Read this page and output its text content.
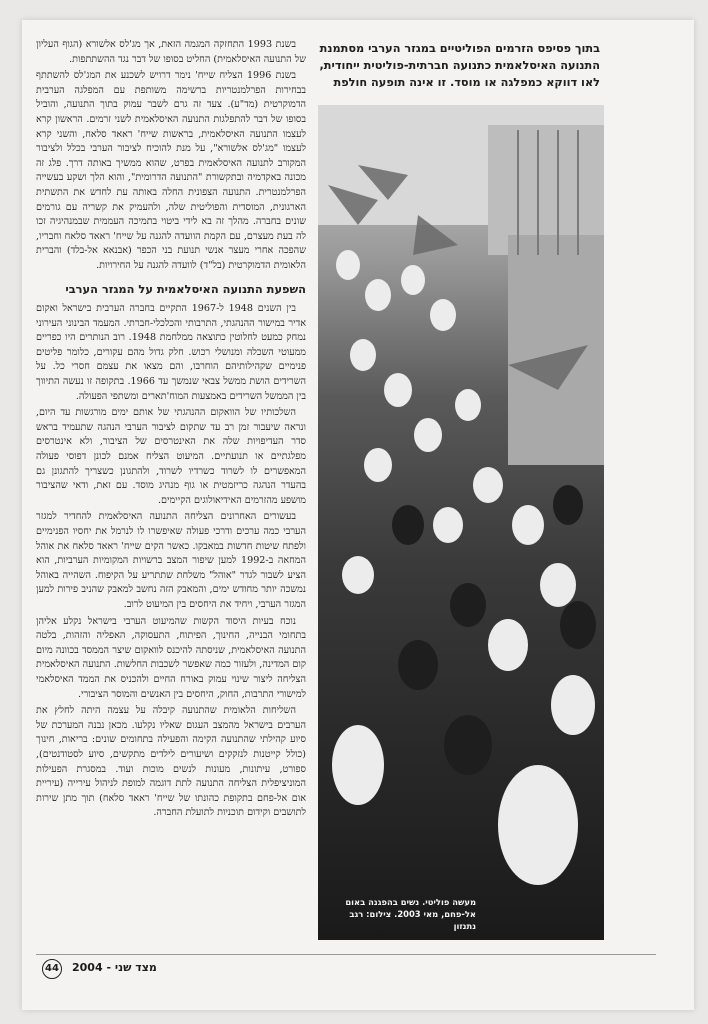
בתוך פסיפס הזרמים הפוליטיים במגזר הערבי מסתמנת התנועה האיסלאמית כתנועה חברתית-פוליטית ייחודית, לאו דווקא כמפלגה או מוסד. זו אינה תופעה חולפת

בשנת 1993 התחזקה המגמה הזאת, אך מג'לס אלשורא (הגוף העליון של התנועה האיסלאמית) החליט בסופו של דבר נגד ההשתתפות.

בשנת 1996 הצליח שייח' נימר דרויש לשכנע את המג'לס להשתתף בבחירות הפרלמנטריות ברשימה משותפת עם המפלגה הערבית הדמוקרטית (מד"ע). צעד זה גרם לשבר עמוק בתוך התנועה, והוביל בסופו של דבר להתפלגות התנועה האיסלאמית לשני זרמים. הראשון קרא לעצמו התנועה האיסלאמית, בראשות שייח' ראאד סלאח, והשני קרא לעצמו "מג'לס אלשורא", על מנת להוכיח לציבור הערבי בכלל ולציבור המקורב לתנועה האיסלאמית בפרט, שהוא ממשיך באותה דרך. פלג זה מכונה באקדמיה ובתקשורת "התנועה הדרומית", והוא הלך ושקע בעשייה הפרלמנטרית. התנועה הצפונית החלה באותה עת לחדש את התשתית הארגונית, המוסדית והפוליטית שלה, ולהעמיק את קשריה עם גורמים שונים בחברה. מהלך זה בא לידי ביטוי בתמיכה העממית שבמנהיגיה זכו לה בעת מעצרם, עם הקמת הוועדה להגנה על שייח' ראאד סלאח וחבריו, שהפכה אחרי מעצר אנשי תנועת בני הכפר (אבנאא אל-בלד) והברית הלאומית הדמוקרטית (בל"ד) לוועדה להגנה על החירויות.

השפעת התנועה האיסלאמית על המגזר הערבי

בין השנים 1948 ל-1967 התקיים בחברה הערבית בישראל ואקום אדיר במישור ההנהגתי, התרבותי והכלכלי-חברתי. המעמד הבינוני העירוני נמחק כמעט לחלוטין כתוצאה ממלחמת 1948. רוב הנותרים היו כפריים ממעוטי השכלה ומנושלי רכוש. חלק גדול מהם עקורים, כלומר פליטים פנימיים שקהילותיהם הוחרבו, והם מצאו את עצמם חסרי כל. על השרידים הושת ממשל צבאי שנמשך עד 1966. בתקופה זו נעשה התיווך בין הממשל השרידים באמצעות המוח'תארים ומשתפי הפעולה.

השלכותיו של הוואקום ההנהגתי של אותם ימים מורגשות עד היום, ונראה שיעבור זמן רב עד שתקום לציבור הערבי הנהגה שתעמיד בראש סדר העדיפויות שלה את האינטרסים של הציבור, ולא אינטרסים מפלגתיים או תנועתיים. המיעוט הצליח אמנם לכונן דפוסי פעולה המאפשרים לו לשרוד כשרדיו לשרוד, ולהתגונן כשצריך להתגונן גם בהעדר הנהגה כריזמטית או גוף מנהיג מוסד. עם זאת, ודאי שהציבור מושפע מהזרמים האידיאולוגים הקיימים.

בעשורים האחרונים הצליחה התנועה האיסלאמית להחדיר למגזר הערבי כמה ערכים ודרכי פעולה שאיפשרו לו לנרמל את יחסיו הפנימיים ולפתח שיטות חדשות במאבקו. כאשר הקים שייח' ראאד סלאח את אוהל המחאה ב-1992 למען שיפור המצב ברשויות המקומיות הערביות, הוא הציע לשבור לגדר "אוהל" משלחת שתתריע על הקיפוח. השהייה באוהל נמשכה יותר מחודש ימים, והמאבק הזה נחשב למאבק שהניב פירות למען המגזר הערבי, ויחיד את היחסים בין המיעוט לרוב.

נוכח בעיות היסוד הקשות שהמיעוט הערבי בישראל נקלע אליהן בתחומי הבנייה, החינוך, הפיתוח, התעסוקה, האפליה והזהות, בלטה התנועה האיסלאמית, שניסתה להיכנס לוואקום שיצר הממסד בכוונה מיום קום המדינה, ולעזור כמה שאפשר לשכבות החלשות. התנועה האיסלאמית הצליחה ליצור שינוי עמוק באורח החיים ולהכניס את הממד האיסלאמי למישורי התרבות, החוק, היחסים בין האנשים והמוסר הציבורי.

השליחות הלאומית שהתנועה קיבלה על עצמה היתה לחלץ את הערבים בישראל מהמצב העגום שאליו נקלעו. מכאן נבנה המערכת של סיוע קהילתי שהתנועה הקימה והפעילה בתחומים שונים: בריאות, חינוך (כולל קייטנות לנזקקים ושיעורים לילדים מתקשים, סיוע לסטודנטים), ספורט, עיתונות, מעונות לנשים מוכות ועוד. במסגרת הפעילות המוניציפלית הצליחה התנועה לתת דוגמה למופת לניהול עירייה (עיריית אום אל-פחם בתקופת כהונתו של שייח' ראאד סלאח) תוך מתן שירות לתושבים וקידום תוכניות לתועלת החברה.

מעשה פוליטי. נשים בהפגנה באום אל-פחם, מאי 2003. צילום: רגב נתנזון
44 מצד שני - 2004
